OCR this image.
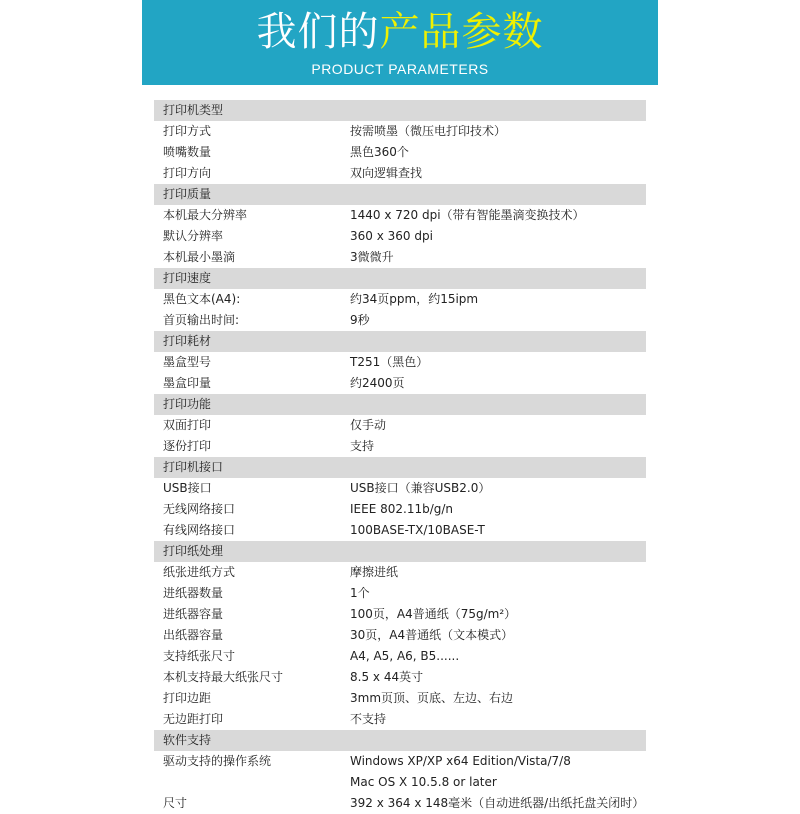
我们的产品参数
PRODUCT PARAMETERS
打印机类型
打印方式	按需喷墨（微压电打印技术）
喷嘴数量	黑色360个
打印方向	双向逻辑查找
打印质量
本机最大分辨率	1440 x 720 dpi（带有智能墨滴变换技术）
默认分辨率	360 x 360 dpi
本机最小墨滴	3微微升
打印速度
黑色文本(A4):	约34页ppm，约15ipm
首页输出时间:	9秒
打印耗材
墨盒型号	T251（黑色）
墨盒印量	约2400页
打印功能
双面打印	仅手动
逐份打印	支持
打印机接口
USB接口	USB接口（兼容USB2.0）
无线网络接口	IEEE 802.11b/g/n
有线网络接口	100BASE-TX/10BASE-T
打印纸处理
纸张进纸方式	摩擦进纸
进纸器数量	1个
进纸器容量	100页，A4普通纸（75g/m²）
出纸器容量	30页，A4普通纸（文本模式）
支持纸张尺寸	A4, A5, A6, B5......
本机支持最大纸张尺寸	8.5 x 44英寸
打印边距	3mm页顶、页底、左边、右边
无边距打印	不支持
软件支持
驱动支持的操作系统	Windows XP/XP x64 Edition/Vista/7/8
Mac OS X 10.5.8 or later
尺寸	392 x 364 x 148毫米（自动进纸器/出纸托盘关闭时）
